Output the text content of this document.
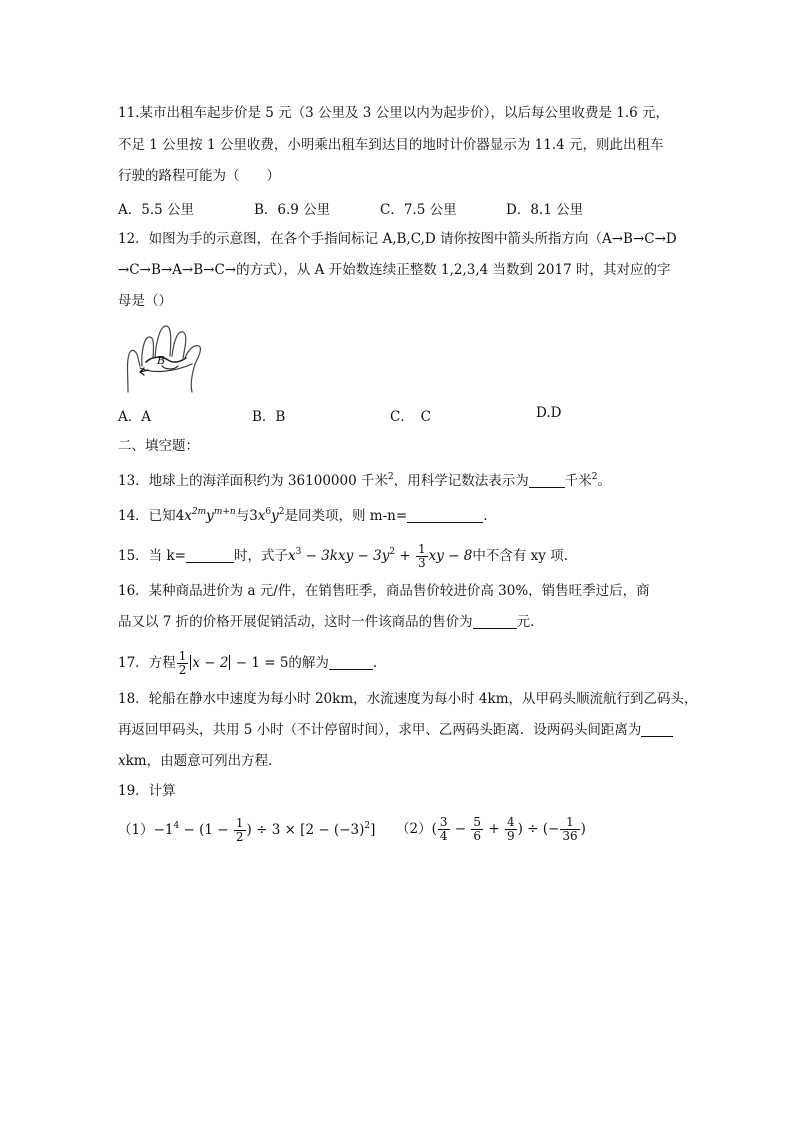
11.某市出租车起步价是 5 元（3 公里及 3 公里以内为起步价），以后每公里收费是 1.6 元，
不足 1 公里按 1 公里收费，小明乘出租车到达目的地时计价器显示为 11.4 元，则此出租车
行驶的路程可能为（　　）
A．5.5 公里	B．6.9 公里	C．7.5 公里	D．8.1 公里
12．如图为手的示意图，在各个手指间标记 A,B,C,D 请你按图中箭头所指方向（A→B→C→D
→C→B→A→B→C→的方式），从 A 开始数连续正整数 1,2,3,4 当数到 2017 时，其对应的字
母是（）
B
A．A	B．B	C．　C	D.D
二、填空题：
13．地球上的海洋面积约为 36100000 千米$^2$，用科学记数法表示为	千米$^2$。
14．已知$4x^{2m}y^{m+n}$与$3x^6y^2$是同类项，则 m-n=	.
15．当 k=	时，式子$x^3 - 3kxy - 3y^2 + \frac{1}{3}$ xy − 8中不含有 xy 项.
16．某种商品进价为 a 元/件，在销售旺季，商品售价较进价高 30%，销售旺季过后，商
品又以 7 折的价格开展促销活动，这时一件该商品的售价为	元.
17．方程 $\frac{1}{2}$ x − 2 − 1 = 5的解为	.
18．轮船在静水中速度为每小时 20km，水流速度为每小时 4km，从甲码头顺流航行到乙码头，
再返回甲码头，共用 5 小时（不计停留时间），求甲、乙两码头距离．设两码头间距离为
xkm，由题意可列出方程．
19．计算
$(1)-1^4 - (1 - \frac{1}{2}$ ) ÷ $3 \times [2 - (-3)^2]$ $(2)( \frac{3}{4} - \frac{5}{6} + \frac{4}{9}$ ) ÷ (− $\frac{1}{36}$ )
